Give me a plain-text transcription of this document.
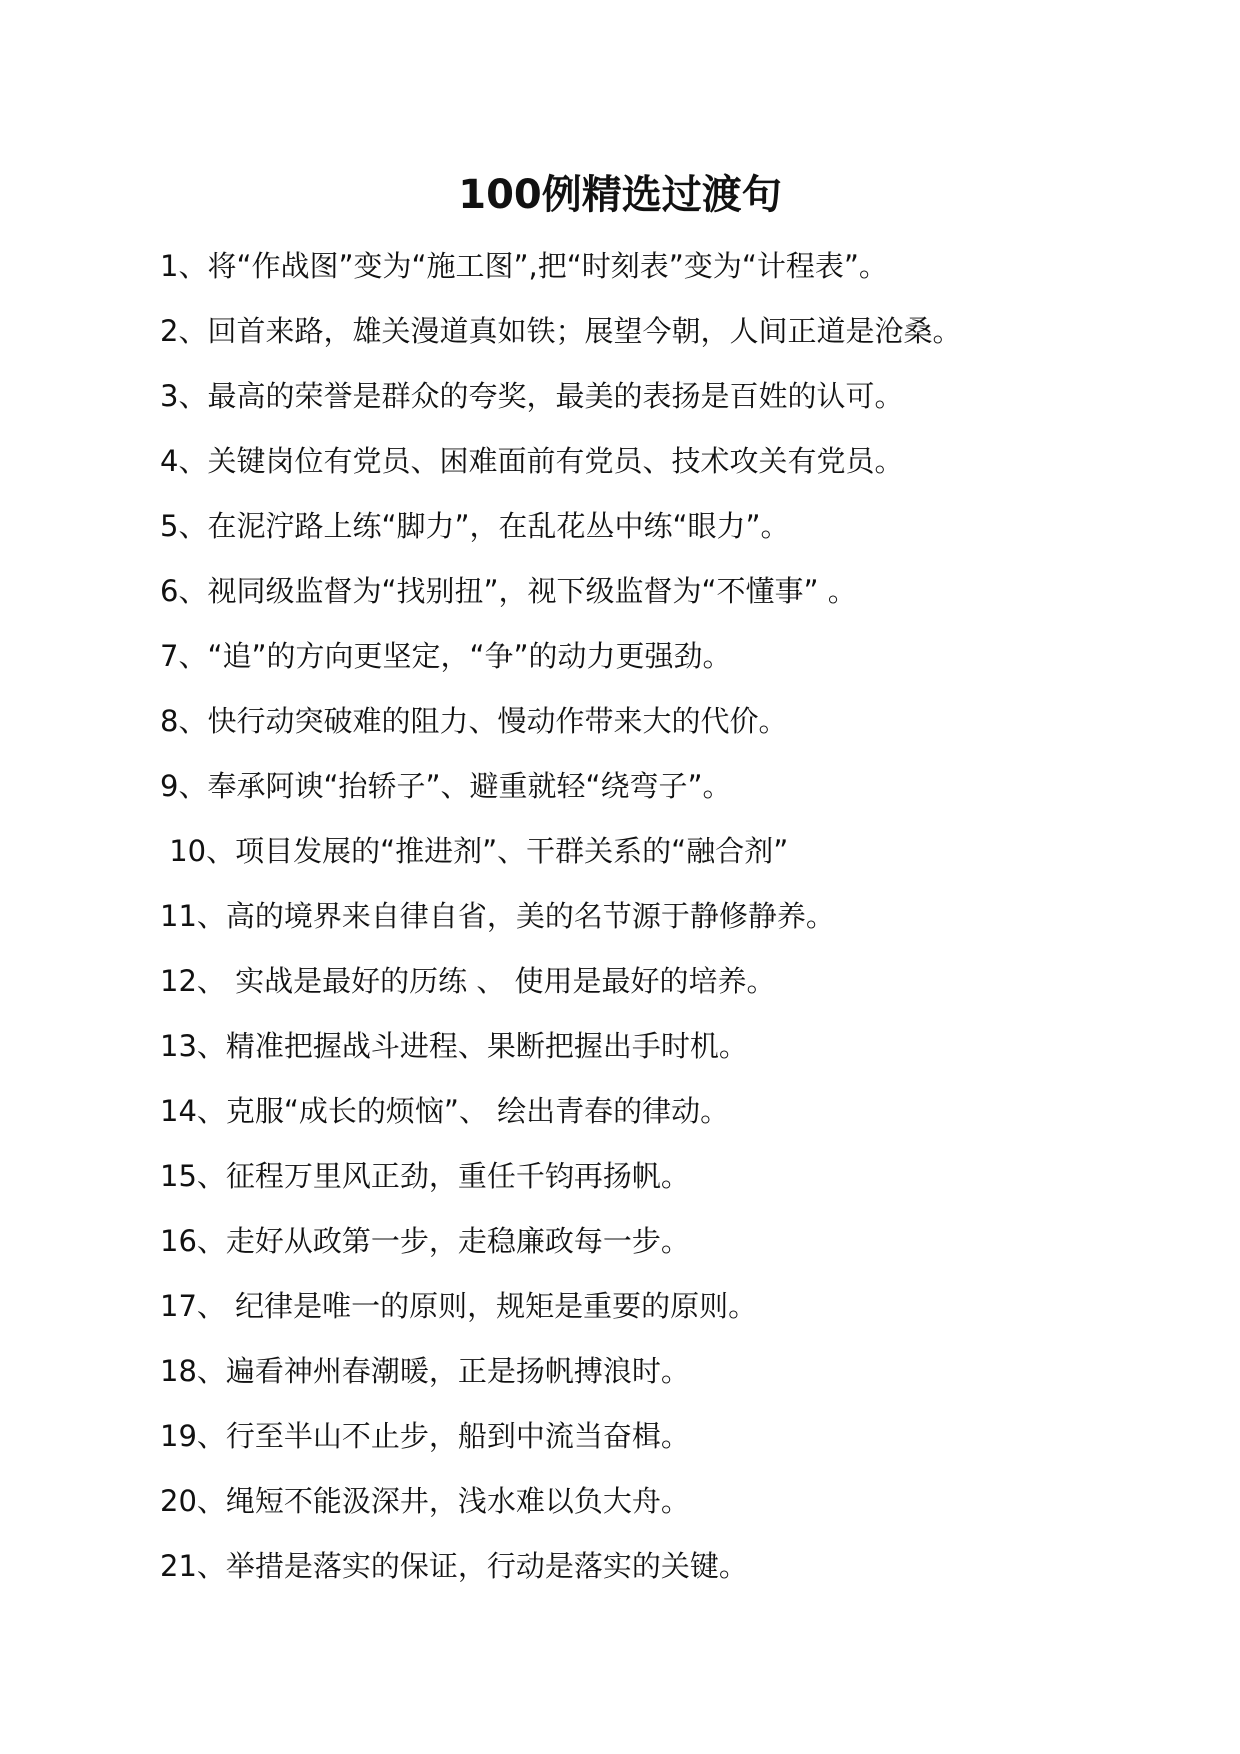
100例精选过渡句
1、将“作战图”变为“施工图”,把“时刻表”变为“计程表”。
2、回首来路，雄关漫道真如铁；展望今朝，人间正道是沧桑。
3、最高的荣誉是群众的夸奖，最美的表扬是百姓的认可。
4、关键岗位有党员、困难面前有党员、技术攻关有党员。
5、在泥泞路上练“脚力”，在乱花丛中练“眼力”。
6、视同级监督为“找别扭”，视下级监督为“不懂事” 。
7、“追”的方向更坚定，“争”的动力更强劲。
8、快行动突破难的阻力、慢动作带来大的代价。
9、奉承阿谀“抬轿子”、避重就轻“绕弯子”。
10、项目发展的“推进剂”、干群关系的“融合剂”
11、高的境界来自律自省，美的名节源于静修静养。
12、 实战是最好的历练 、 使用是最好的培养。
13、精准把握战斗进程、果断把握出手时机。
14、克服“成长的烦恼”、 绘出青春的律动。
15、征程万里风正劲，重任千钧再扬帆。
16、走好从政第一步，走稳廉政每一步。
17、 纪律是唯一的原则，规矩是重要的原则。
18、遍看神州春潮暖，正是扬帆搏浪时。
19、行至半山不止步，船到中流当奋楫。
20、绳短不能汲深井，浅水难以负大舟。
21、举措是落实的保证，行动是落实的关键。
